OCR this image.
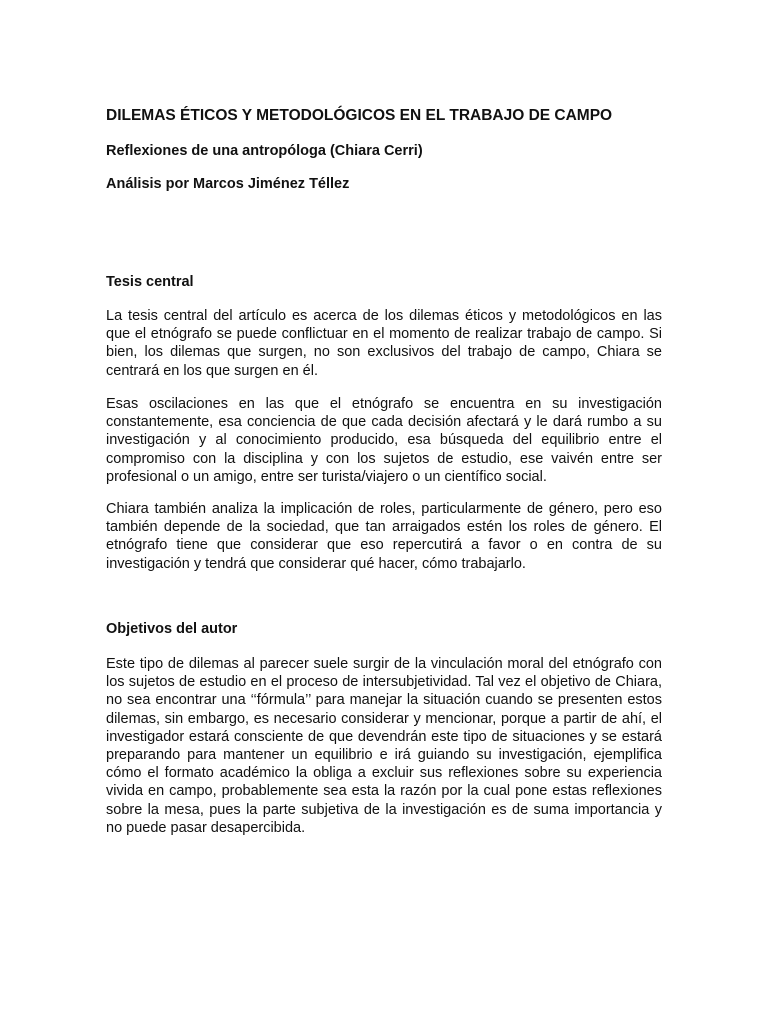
DILEMAS ÉTICOS Y METODOLÓGICOS EN EL TRABAJO DE CAMPO
Reflexiones de una antropóloga (Chiara Cerri)
Análisis por Marcos Jiménez Téllez
Tesis central

La tesis central del artículo es acerca de los dilemas éticos y metodológicos en las que el etnógrafo se puede conflictuar en el momento de realizar trabajo de campo. Si bien, los dilemas que surgen, no son exclusivos del trabajo de campo, Chiara se centrará en los que surgen en él.

Esas oscilaciones en las que el etnógrafo se encuentra en su investigación constantemente, esa conciencia de que cada decisión afectará y le dará rumbo a su investigación y al conocimiento producido, esa búsqueda del equilibrio entre el compromiso con la disciplina y con los sujetos de estudio, ese vaivén entre ser profesional o un amigo, entre ser turista/viajero o un científico social.

Chiara también analiza la implicación de roles, particularmente de género, pero eso también depende de la sociedad, que tan arraigados estén los roles de género. El etnógrafo tiene que considerar que eso repercutirá a favor o en contra de su investigación y tendrá que considerar qué hacer, cómo trabajarlo.

Objetivos del autor

Este tipo de dilemas al parecer suele surgir de la vinculación moral del etnógrafo con los sujetos de estudio en el proceso de intersubjetividad. Tal vez el objetivo de Chiara, no sea encontrar una ‘‘fórmula’’ para manejar la situación cuando se presenten estos dilemas, sin embargo, es necesario considerar y mencionar, porque a partir de ahí, el investigador estará consciente de que devendrán este tipo de situaciones y se estará preparando para mantener un equilibrio e irá guiando su investigación, ejemplifica cómo el formato académico la obliga a excluir sus reflexiones sobre su experiencia vivida en campo, probablemente sea esta la razón por la cual pone estas reflexiones sobre la mesa, pues la parte subjetiva de la investigación es de suma importancia y no puede pasar desapercibida.
